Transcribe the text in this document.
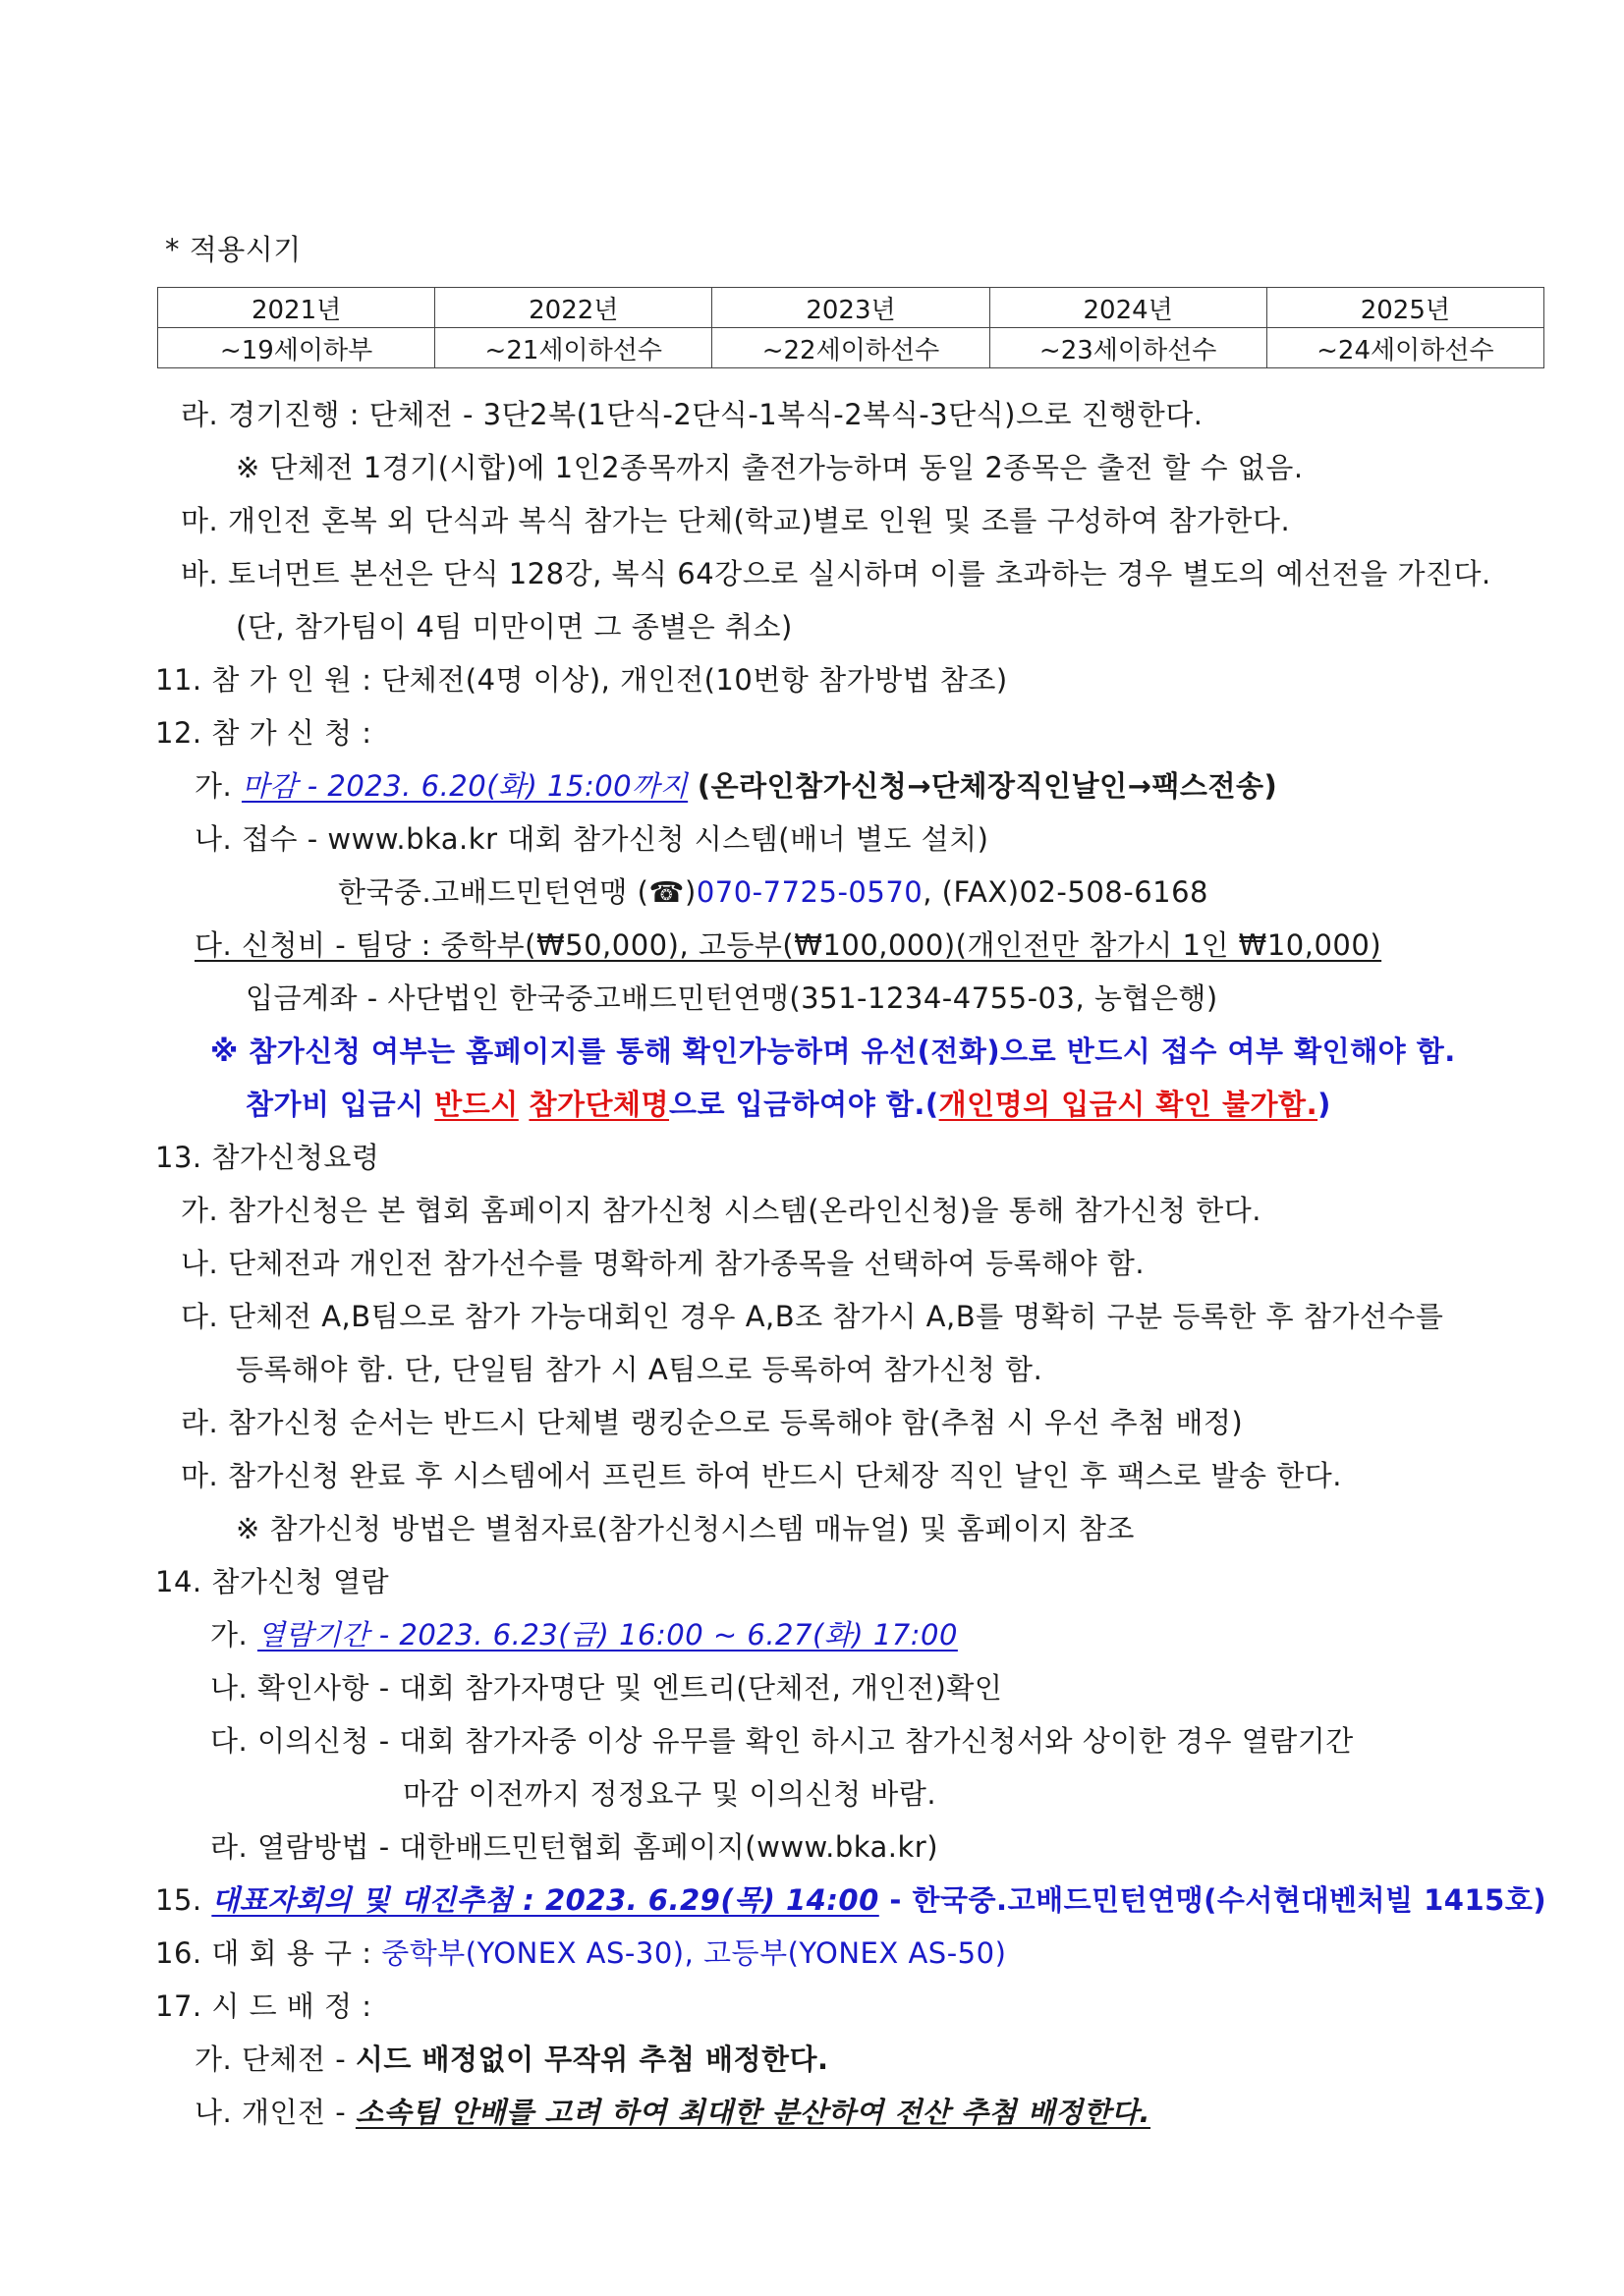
* 적용시기
2021년	2022년	2023년	2024년	2025년
~19세이하부	~21세이하선수	~22세이하선수	~23세이하선수	~24세이하선수
라. 경기진행 : 단체전 - 3단2복(1단식-2단식-1복식-2복식-3단식)으로 진행한다.
※ 단체전 1경기(시합)에 1인2종목까지 출전가능하며 동일 2종목은 출전 할 수 없음.
마. 개인전 혼복 외 단식과 복식 참가는 단체(학교)별로 인원 및 조를 구성하여 참가한다.
바. 토너먼트 본선은 단식 128강, 복식 64강으로 실시하며 이를 초과하는 경우 별도의 예선전을 가진다.
(단, 참가팀이 4팀 미만이면 그 종별은 취소)
11. 참 가 인 원 : 단체전(4명 이상), 개인전(10번항 참가방법 참조)
12. 참 가 신 청 :
가. 마감 - 2023. 6.20(화) 15:00까지 (온라인참가신청→단체장직인날인→팩스전송)
나. 접수 - www.bka.kr 대회 참가신청 시스템(배너 별도 설치)
한국중.고배드민턴연맹 (☎)070-7725-0570, (FAX)02-508-6168
다. 신청비 - 팀당 : 중학부(₩50,000), 고등부(₩100,000)(개인전만 참가시 1인 ₩10,000)
입금계좌 - 사단법인 한국중고배드민턴연맹(351-1234-4755-03, 농협은행)
※ 참가신청 여부는 홈페이지를 통해 확인가능하며 유선(전화)으로 반드시 접수 여부 확인해야 함.
참가비 입금시 반드시 참가단체명으로 입금하여야 함.(개인명의 입금시 확인 불가함.)
13. 참가신청요령
가. 참가신청은 본 협회 홈페이지 참가신청 시스템(온라인신청)을 통해 참가신청 한다.
나. 단체전과 개인전 참가선수를 명확하게 참가종목을 선택하여 등록해야 함.
다. 단체전 A,B팀으로 참가 가능대회인 경우 A,B조 참가시 A,B를 명확히 구분 등록한 후 참가선수를
등록해야 함. 단, 단일팀 참가 시 A팀으로 등록하여 참가신청 함.
라. 참가신청 순서는 반드시 단체별 랭킹순으로 등록해야 함(추첨 시 우선 추첨 배정)
마. 참가신청 완료 후 시스템에서 프린트 하여 반드시 단체장 직인 날인 후 팩스로 발송 한다.
※ 참가신청 방법은 별첨자료(참가신청시스템 매뉴얼) 및 홈페이지 참조
14. 참가신청 열람
가. 열람기간 - 2023. 6.23(금) 16:00 ~ 6.27(화) 17:00
나. 확인사항 - 대회 참가자명단 및 엔트리(단체전, 개인전)확인
다. 이의신청 - 대회 참가자중 이상 유무를 확인 하시고 참가신청서와 상이한 경우 열람기간
마감 이전까지 정정요구 및 이의신청 바람.
라. 열람방법 - 대한배드민턴협회 홈페이지(www.bka.kr)
15. 대표자회의 및 대진추첨 : 2023. 6.29(목) 14:00 - 한국중.고배드민턴연맹(수서현대벤처빌 1415호)
16. 대 회 용 구 : 중학부(YONEX AS-30), 고등부(YONEX AS-50)
17. 시 드 배 정 :
가. 단체전 - 시드 배정없이 무작위 추첨 배정한다.
나. 개인전 - 소속팀 안배를 고려 하여 최대한 분산하여 전산 추첨 배정한다.
